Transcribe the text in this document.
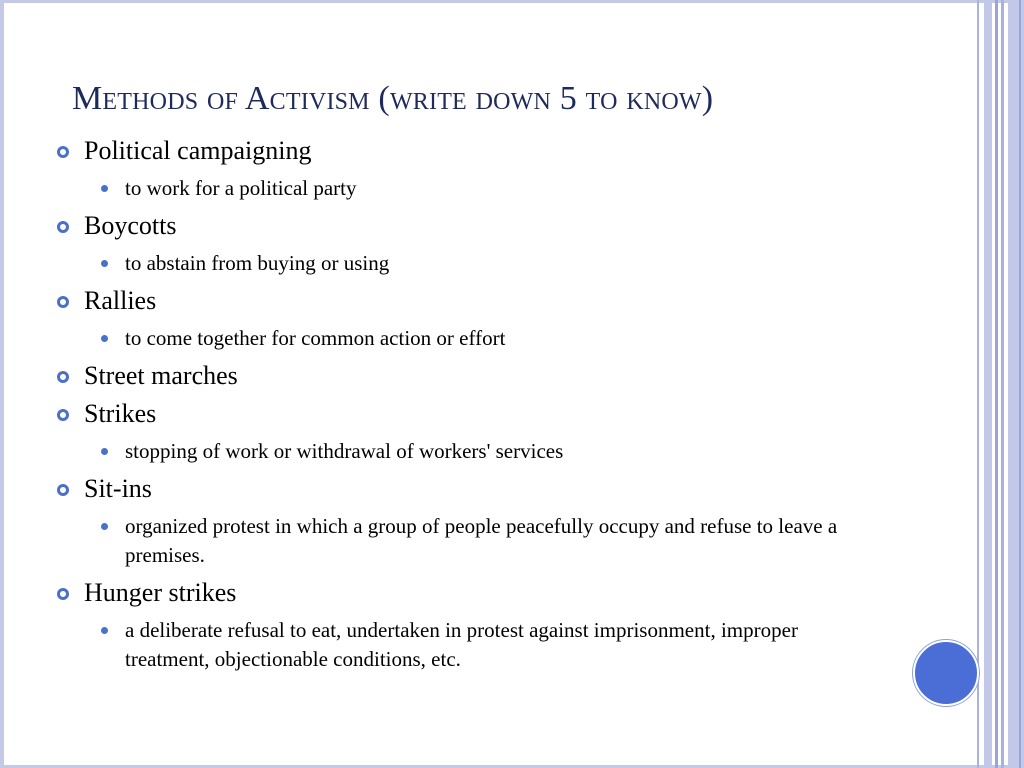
Methods of Activism (write down 5 to know)
Political campaigning
to work for a political party
Boycotts
to abstain from buying or using
Rallies
to come together for common action or effort
Street marches
Strikes
stopping of work or withdrawal of workers' services
Sit-ins
organized protest in which a group of people peacefully occupy and refuse to leave a premises.
Hunger strikes
a deliberate refusal to eat, undertaken in protest against imprisonment, improper treatment, objectionable conditions, etc.
